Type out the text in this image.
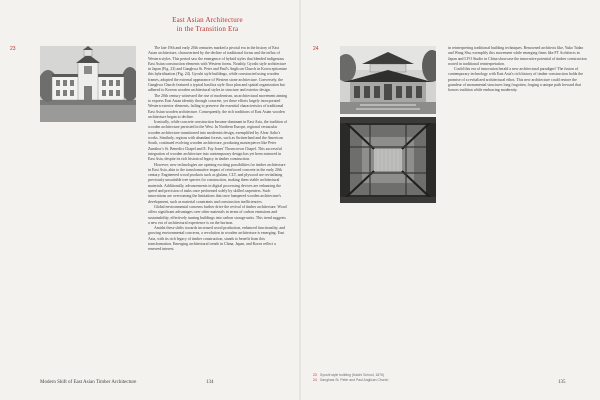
23
East Asian Architecture
in the Transition Era

The late 19th and early 20th centuries marked a pivotal era in the history of East Asian architecture, characterized by the decline of traditional forms and the influx of Western styles. This period saw the emergence of hybrid styles that blended indigenous East Asian construction elements with Western forms. Notably, Gyoshi style architecture in Japan (Fig. 23) and Ganghwa St. Peter and Paul's Anglican Church in Korea epitomize this hybridization (Fig. 24). Gyoshi style buildings, while constructed using wooden frames, adopted the external appearance of Western stone architecture. Conversely, the Ganghwa Church featured a typical basilica style floor plan and spatial organization but adhered to Korean wooden architectural styles in structure and exterior design.

The 20th century witnessed the rise of modernism, an architectural movement aiming to express East Asian identity through concrete, yet these efforts largely incorporated Western exterior elements, failing to preserve the essential characteristics of traditional East Asian wooden architecture. Consequently, the rich traditions of East Asian wooden architecture began to decline.

Ironically, while concrete construction became dominant in East Asia, the tradition of wooden architecture persisted in the West. In Northern Europe, regional vernacular wooden architecture transitioned into modernist design, exemplified by Alvar Aalto's works. Similarly, regions with abundant forests, such as Switzerland and the American South, continued evolving wooden architecture, producing masterpieces like Peter Zumthor's St. Benedict Chapel and E. Fay Jones' Thorncrown Chapel. This successful integration of wooden architecture into contemporary design has yet been mirrored in East Asia, despite its rich historical legacy in timber construction.

However, new technologies are opening exciting possibilities for timber architecture in East Asia, akin to the transformative impact of reinforced concrete in the early 20th century. Engineered wood products such as glulam, CLT, and plywood are revitalizing previously unsuitable tree species for construction, making them viable architectural materials. Additionally, advancements in digital processing devices are enhancing the speed and precision of tasks once performed solely by skilled carpenters. Such innovations are overcoming the limitations that once hampered wooden architecture's development, such as material constraints and construction inefficiencies.

Global environmental concerns further drive the revival of timber architecture. Wood offers significant advantages over other materials in terms of carbon emissions and sustainability, effectively turning buildings into carbon storage units. This trend suggests a new era of architectural experience is on the horizon.

Amidst these shifts towards increased wood production, enhanced functionality, and growing environmental concerns, a revolution in wooden architecture is emerging. East Asia, with its rich legacy of timber construction, stands to benefit from this transformation. Emerging architectural trends in China, Japan, and Korea reflect a renewed interest

Modern Shift of East Asian Timber Architecture	134
24	in reinterpreting traditional building techniques. Renowned architects like, Yuko Tadao and Wang Shu, exemplify this movement while emerging firms like FT Architects in Japan and LYO Studio in China showcase the innovative potential of timber construction rooted in traditional reinterpretation.

Could this era of innovation herald a new architectural paradigm? The fusion of contemporary technology with East Asia's rich history of timber construction holds the promise of a revitalized architectural ethos. This new architecture could restore the grandeur of monumental structures long forgotten, forging a unique path forward that honors tradition while embracing modernity.

23 Gyoshi style building (Kaichi School, 1876)
24 Ganghwa St. Peter and Paul Anglican Church
135
